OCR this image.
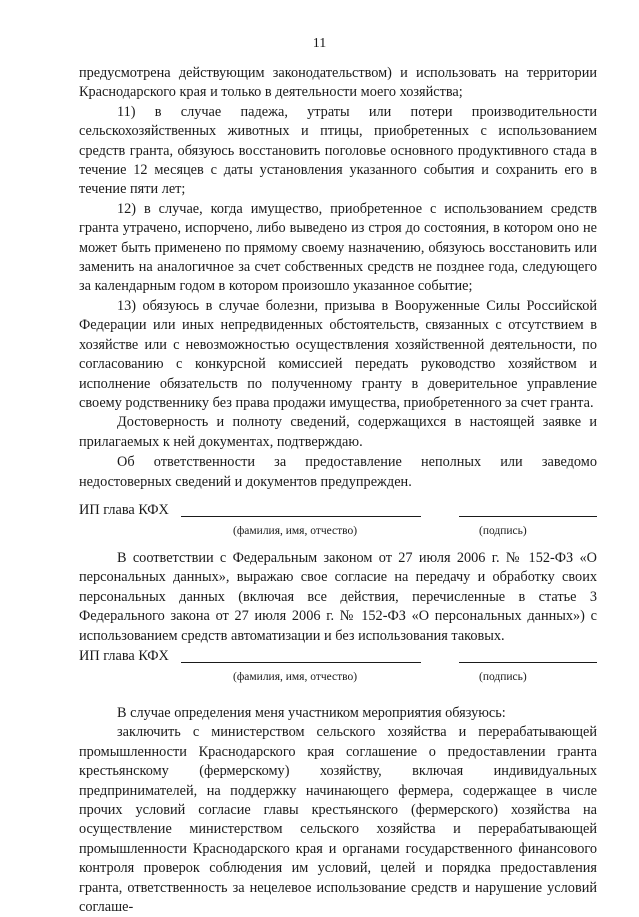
11

предусмотрена действующим законодательством) и использовать на территории Краснодарского края и только в деятельности моего хозяйства;

11) в случае падежа, утраты или потери производительности сельскохозяйственных животных и птицы, приобретенных с использованием средств гранта, обязуюсь восстановить поголовье основного продуктивного стада в течение 12 месяцев с даты установления указанного события и сохранить его в течение пяти лет;

12) в случае, когда имущество, приобретенное с использованием средств гранта утрачено, испорчено, либо выведено из строя до состояния, в котором оно не может быть применено по прямому своему назначению, обязуюсь восстановить или заменить на аналогичное за счет собственных средств не позднее года, следующего за календарным годом в котором произошло указанное событие;

13) обязуюсь в случае болезни, призыва в Вооруженные Силы Российской Федерации или иных непредвиденных обстоятельств, связанных с отсутствием в хозяйстве или с невозможностью осуществления хозяйственной деятельности, по согласованию с конкурсной комиссией передать руководство хозяйством и исполнение обязательств по полученному гранту в доверительное управление своему родственнику без права продажи имущества, приобретенного за счет гранта.

Достоверность и полноту сведений, содержащихся в настоящей заявке и прилагаемых к ней документах, подтверждаю.

Об ответственности за предоставление неполных или заведомо недостоверных сведений и документов предупрежден.

ИП глава КФХ
(фамилия, имя, отчество)	(подпись)

В соответствии с Федеральным законом от 27 июля 2006 г. № 152-ФЗ «О персональных данных», выражаю свое согласие на передачу и обработку своих персональных данных (включая все действия, перечисленные в статье 3 Федерального закона от 27 июля 2006 г. № 152-ФЗ «О персональных данных») с использованием средств автоматизации и без использования таковых.

ИП глава КФХ
(фамилия, имя, отчество)	(подпись)

В случае определения меня участником мероприятия обязуюсь:

заключить с министерством сельского хозяйства и перерабатывающей промышленности Краснодарского края соглашение о предоставлении гранта крестьянскому (фермерскому) хозяйству, включая индивидуальных предпринимателей, на поддержку начинающего фермера, содержащее в числе прочих условий согласие главы крестьянского (фермерского) хозяйства на осуществление министерством сельского хозяйства и перерабатывающей промышленности Краснодарского края и органами государственного финансового контроля проверок соблюдения им условий, целей и порядка предоставления гранта, ответственность за нецелевое использование средств и нарушение условий соглаше-
